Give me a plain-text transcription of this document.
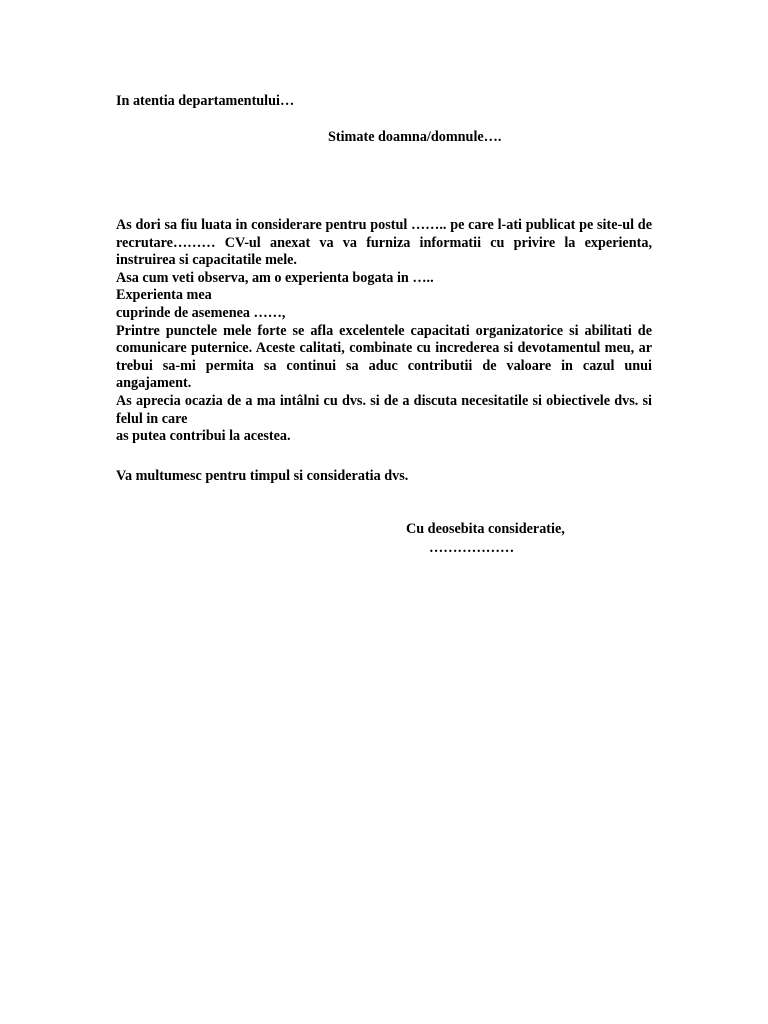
In atentia departamentului…
Stimate doamna/domnule….

As dori sa fiu luata in considerare pentru postul …….. pe care l-ati publicat pe site-ul de recrutare……… CV-ul anexat va va furniza informatii cu privire la experienta, instruirea si capacitatile mele.

Asa cum veti observa, am o experienta bogata in …..

Experienta mea

cuprinde de asemenea ……,

Printre punctele mele forte se afla excelentele capacitati organizatorice si abilitati de comunicare puternice. Aceste calitati, combinate cu increderea si devotamentul meu, ar trebui sa-mi permita sa continui sa aduc contributii de valoare in cazul unui angajament.

As aprecia ocazia de a ma intâlni cu dvs. si de a discuta necesitatile si obiectivele dvs. si felul in care

as putea contribui la acestea.

Va multumesc pentru timpul si consideratia dvs.
Cu deosebita consideratie,
………………
